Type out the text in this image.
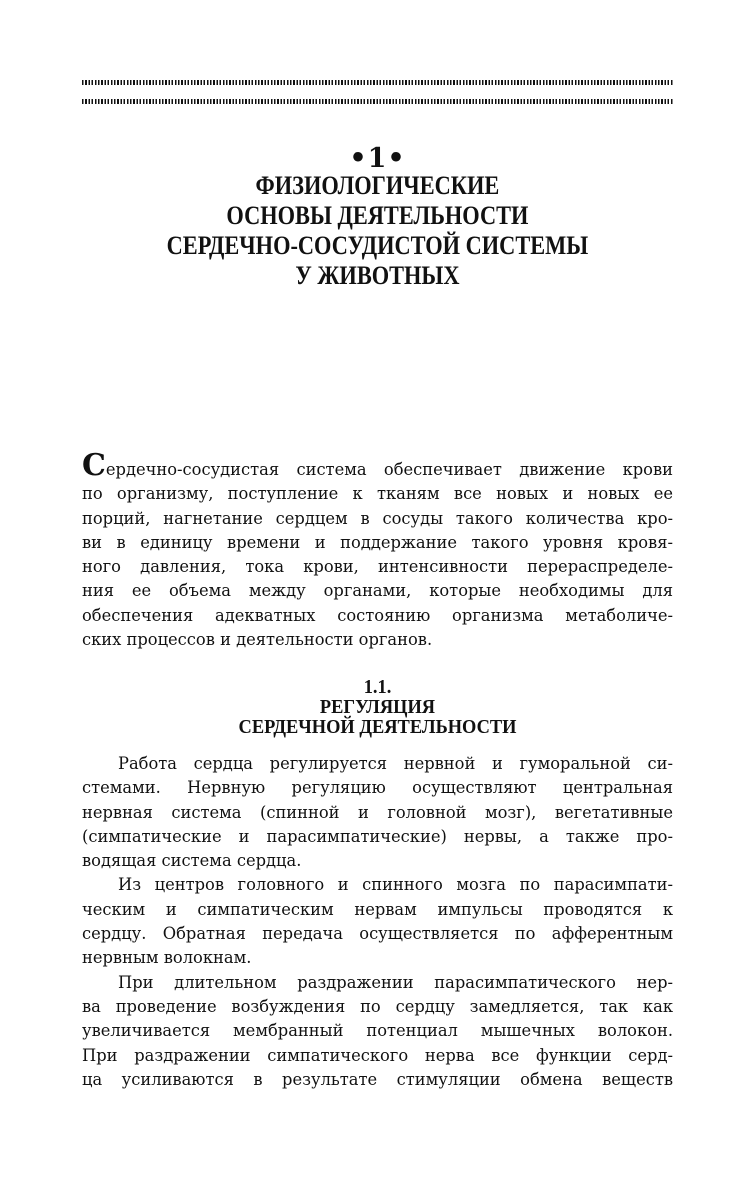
•1•
ФИЗИОЛОГИЧЕСКИЕ
ОСНОВЫ ДЕЯТЕЛЬНОСТИ
СЕРДЕЧНО-СОСУДИСТОЙ СИСТЕМЫ
У ЖИВОТНЫХ
Сердечно-сосудистая система обеспечивает движение крови
по организму, поступление к тканям все новых и новых ее
порций, нагнетание сердцем в сосуды такого количества кро-
ви в единицу времени и поддержание такого уровня кровя-
ного давления, тока крови, интенсивности перераспределе-
ния ее объема между органами, которые необходимы для
обеспечения адекватных состоянию организма метаболиче-
ских процессов и деятельности органов.
1.1.
РЕГУЛЯЦИЯ
СЕРДЕЧНОЙ ДЕЯТЕЛЬНОСТИ
Работа сердца регулируется нервной и гуморальной си-
стемами. Нервную регуляцию осуществляют центральная
нервная система (спинной и головной мозг), вегетативные
(симпатические и парасимпатические) нервы, а также про-
водящая система сердца.
Из центров головного и спинного мозга по парасимпати-
ческим и симпатическим нервам импульсы проводятся к
сердцу. Обратная передача осуществляется по афферентным
нервным волокнам.
При длительном раздражении парасимпатического нер-
ва проведение возбуждения по сердцу замедляется, так как
увеличивается мембранный потенциал мышечных волокон.
При раздражении симпатического нерва все функции серд-
ца усиливаются в результате стимуляции обмена веществ
